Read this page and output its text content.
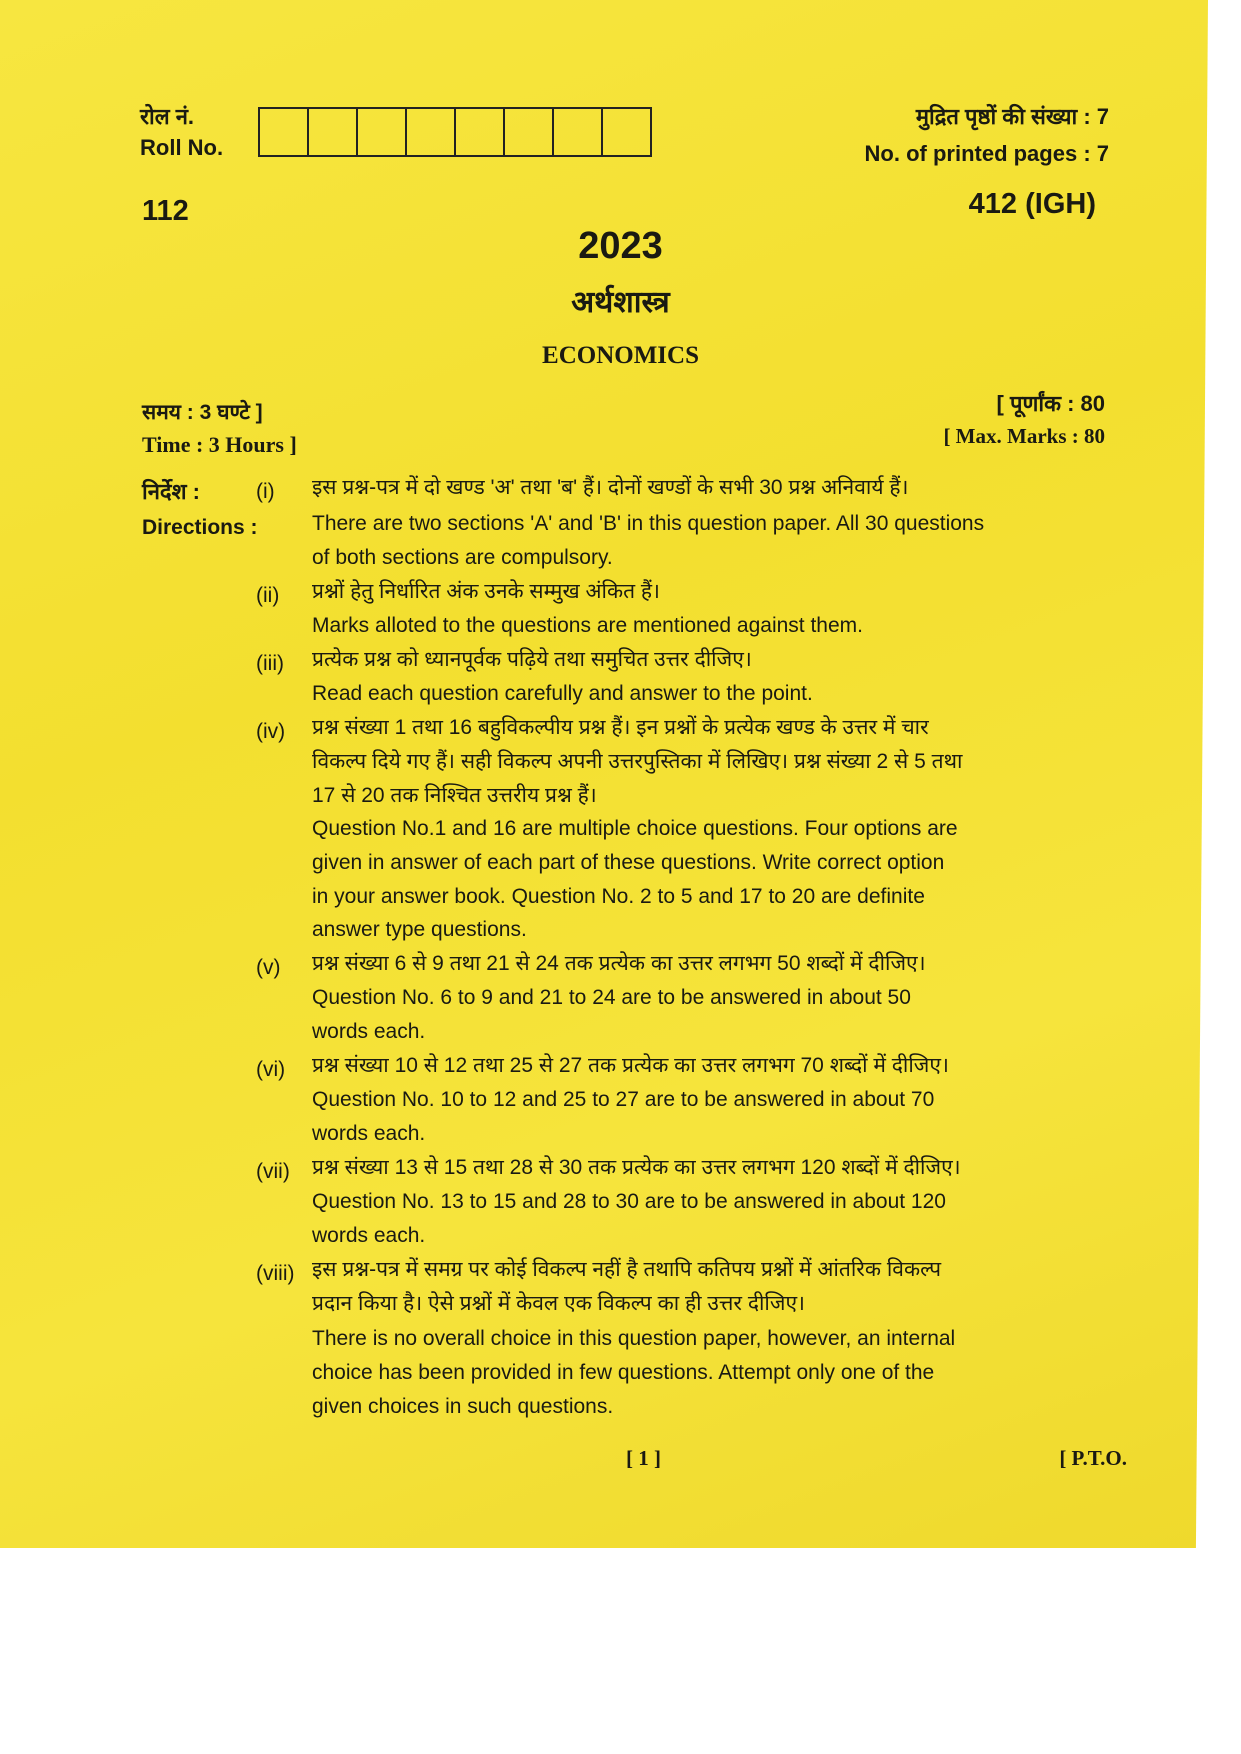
रोल नं.
Roll No.
मुद्रित पृष्ठों की संख्या : 7
No. of printed pages : 7
112	412 (IGH)
2023
अर्थशास्त्र
ECONOMICS
समय : 3 घण्टे ]
Time : 3 Hours ]
[ पूर्णांक : 80
[ Max. Marks : 80
निर्देश :
Directions :
(i) इस प्रश्न-पत्र में दो खण्ड 'अ' तथा 'ब' हैं। दोनों खण्डों के सभी 30 प्रश्न अनिवार्य हैं।
There are two sections 'A' and 'B' in this question paper. All 30 questions
of both sections are compulsory.
(ii) प्रश्नों हेतु निर्धारित अंक उनके सम्मुख अंकित हैं।
Marks alloted to the questions are mentioned against them.
(iii) प्रत्येक प्रश्न को ध्यानपूर्वक पढ़िये तथा समुचित उत्तर दीजिए।
Read each question carefully and answer to the point.
(iv) प्रश्न संख्या 1 तथा 16 बहुविकल्पीय प्रश्न हैं। इन प्रश्नों के प्रत्येक खण्ड के उत्तर में चार
विकल्प दिये गए हैं। सही विकल्प अपनी उत्तरपुस्तिका में लिखिए। प्रश्न संख्या 2 से 5 तथा
17 से 20 तक निश्चित उत्तरीय प्रश्न हैं।
Question No.1 and 16 are multiple choice questions. Four options are
given in answer of each part of these questions. Write correct option
in your answer book. Question No. 2 to 5 and 17 to 20 are definite
answer type questions.
(v) प्रश्न संख्या 6 से 9 तथा 21 से 24 तक प्रत्येक का उत्तर लगभग 50 शब्दों में दीजिए।
Question No. 6 to 9 and 21 to 24 are to be answered in about 50
words each.
(vi) प्रश्न संख्या 10 से 12 तथा 25 से 27 तक प्रत्येक का उत्तर लगभग 70 शब्दों में दीजिए।
Question No. 10 to 12 and 25 to 27 are to be answered in about 70
words each.
(vii) प्रश्न संख्या 13 से 15 तथा 28 से 30 तक प्रत्येक का उत्तर लगभग 120 शब्दों में दीजिए।
Question No. 13 to 15 and 28 to 30 are to be answered in about 120
words each.
(viii) इस प्रश्न-पत्र में समग्र पर कोई विकल्प नहीं है तथापि कतिपय प्रश्नों में आंतरिक विकल्प
प्रदान किया है। ऐसे प्रश्नों में केवल एक विकल्प का ही उत्तर दीजिए।
There is no overall choice in this question paper, however, an internal
choice has been provided in few questions. Attempt only one of the
given choices in such questions.
[ 1 ]	[ P.T.O.
